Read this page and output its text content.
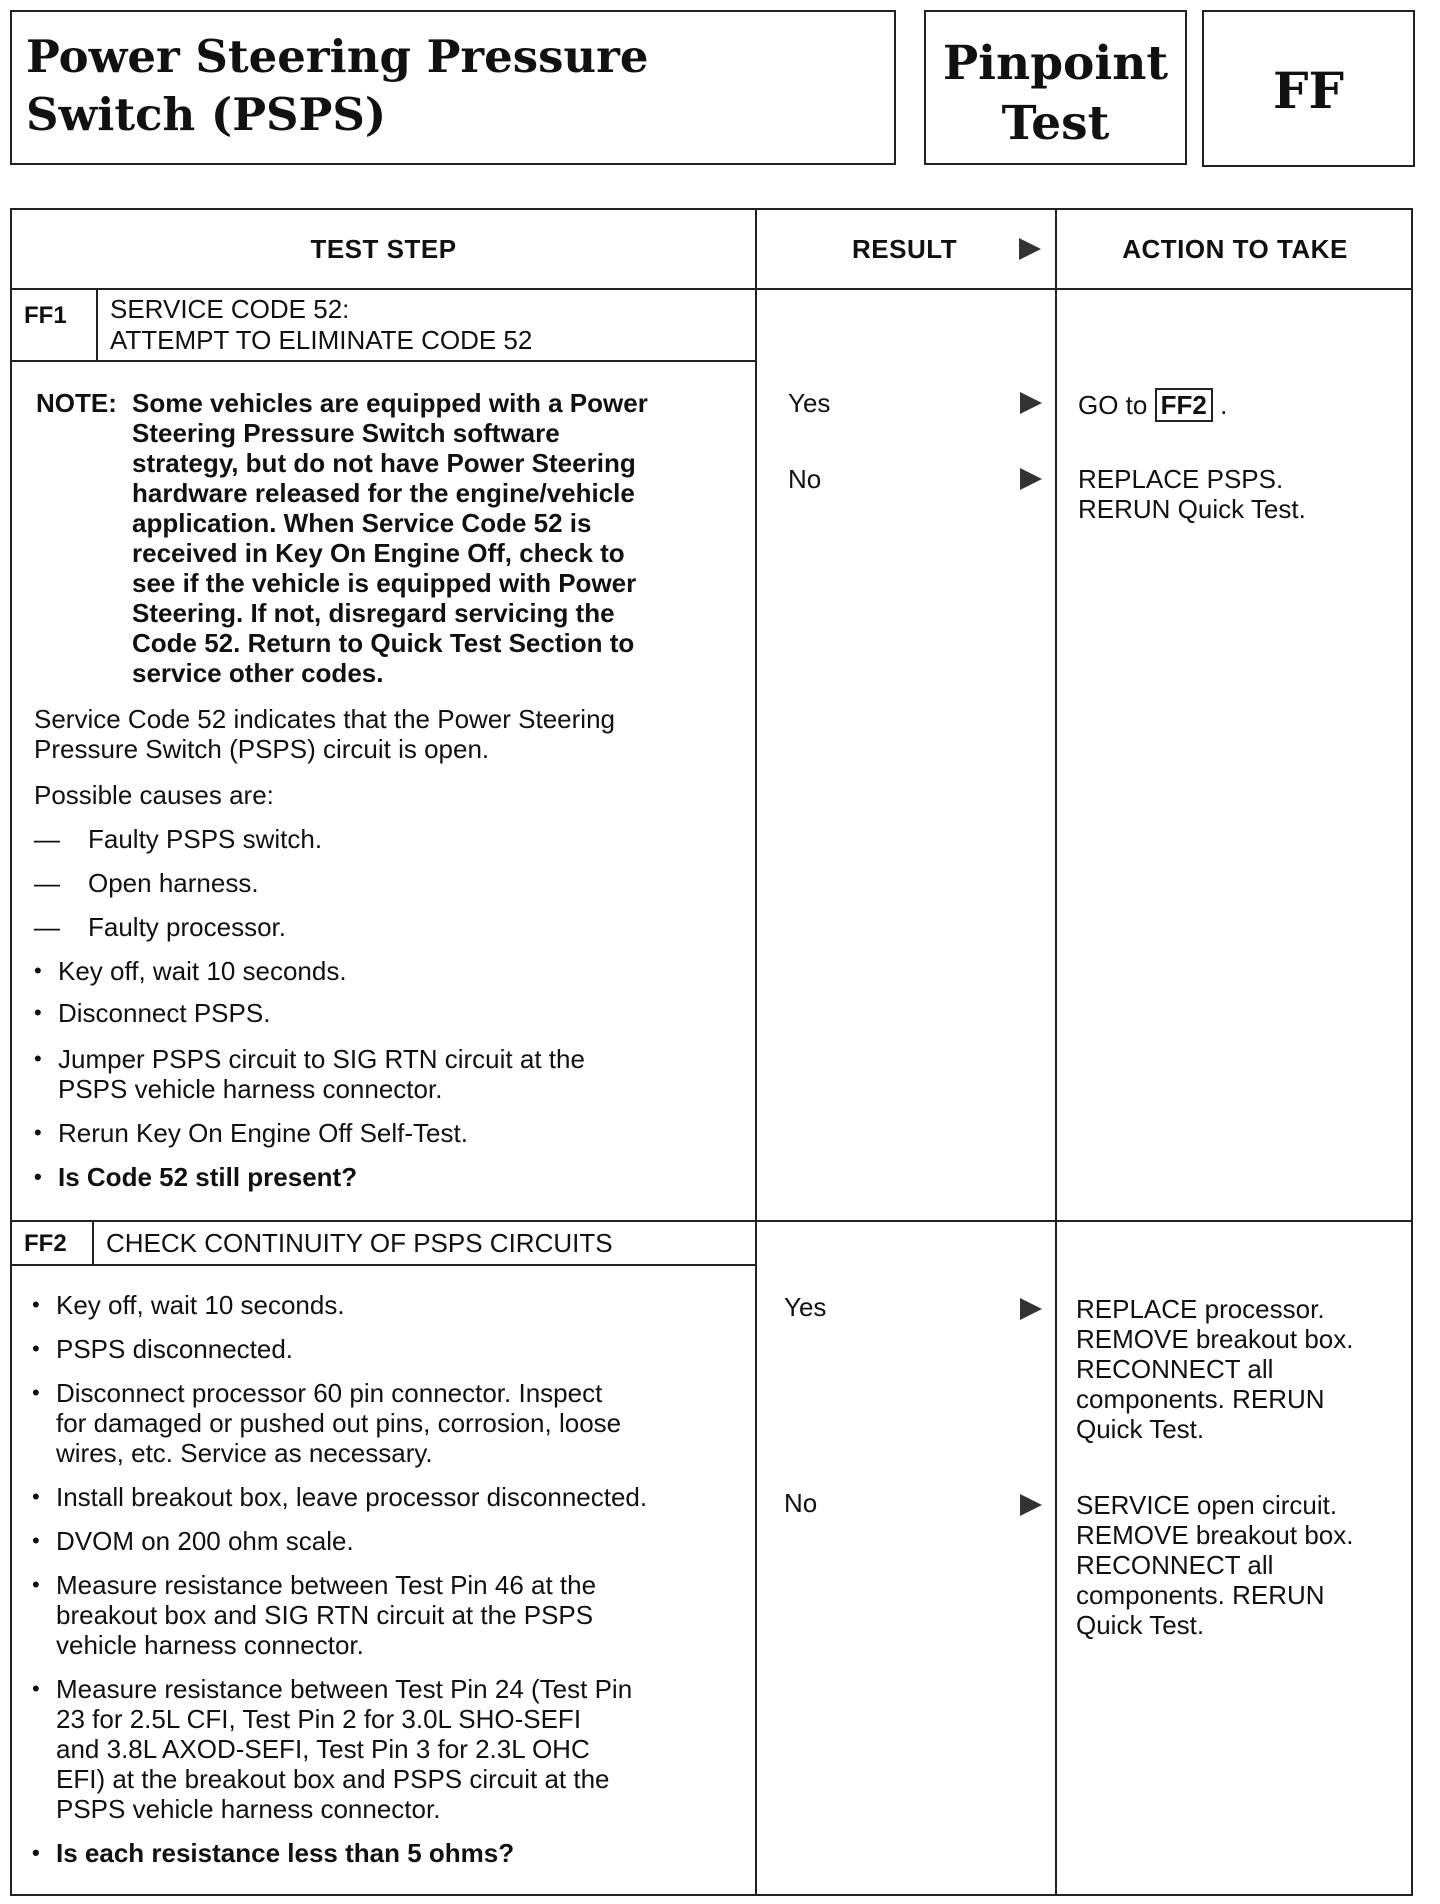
Power Steering Pressure
Switch (PSPS)
Pinpoint
Test
FF
TEST STEP	RESULT	ACTION TO TAKE
FF1 SERVICE CODE 52:
ATTEMPT TO ELIMINATE CODE 52
NOTE: Some vehicles are equipped with a Power
Steering Pressure Switch software
strategy, but do not have Power Steering
hardware released for the engine/vehicle
application. When Service Code 52 is
received in Key On Engine Off, check to
see if the vehicle is equipped with Power
Steering. If not, disregard servicing the
Code 52. Return to Quick Test Section to
service other codes.
Service Code 52 indicates that the Power Steering
Pressure Switch (PSPS) circuit is open.
Possible causes are:
— Faulty PSPS switch.
— Open harness.
— Faulty processor.
• Key off, wait 10 seconds.
• Disconnect PSPS.
• Jumper PSPS circuit to SIG RTN circuit at the
PSPS vehicle harness connector.
• Rerun Key On Engine Off Self-Test.
• Is Code 52 still present?
Yes
No
GO to FF2 .
REPLACE PSPS.
RERUN Quick Test.
FF2 CHECK CONTINUITY OF PSPS CIRCUITS
• Key off, wait 10 seconds.
• PSPS disconnected.
• Disconnect processor 60 pin connector. Inspect
for damaged or pushed out pins, corrosion, loose
wires, etc. Service as necessary.
• Install breakout box, leave processor disconnected.
• DVOM on 200 ohm scale.
• Measure resistance between Test Pin 46 at the
breakout box and SIG RTN circuit at the PSPS
vehicle harness connector.
• Measure resistance between Test Pin 24 (Test Pin
23 for 2.5L CFI, Test Pin 2 for 3.0L SHO-SEFI
and 3.8L AXOD-SEFI, Test Pin 3 for 2.3L OHC
EFI) at the breakout box and PSPS circuit at the
PSPS vehicle harness connector.
• Is each resistance less than 5 ohms?
Yes
No
REPLACE processor.
REMOVE breakout box.
RECONNECT all
components. RERUN
Quick Test.
SERVICE open circuit.
REMOVE breakout box.
RECONNECT all
components. RERUN
Quick Test.
